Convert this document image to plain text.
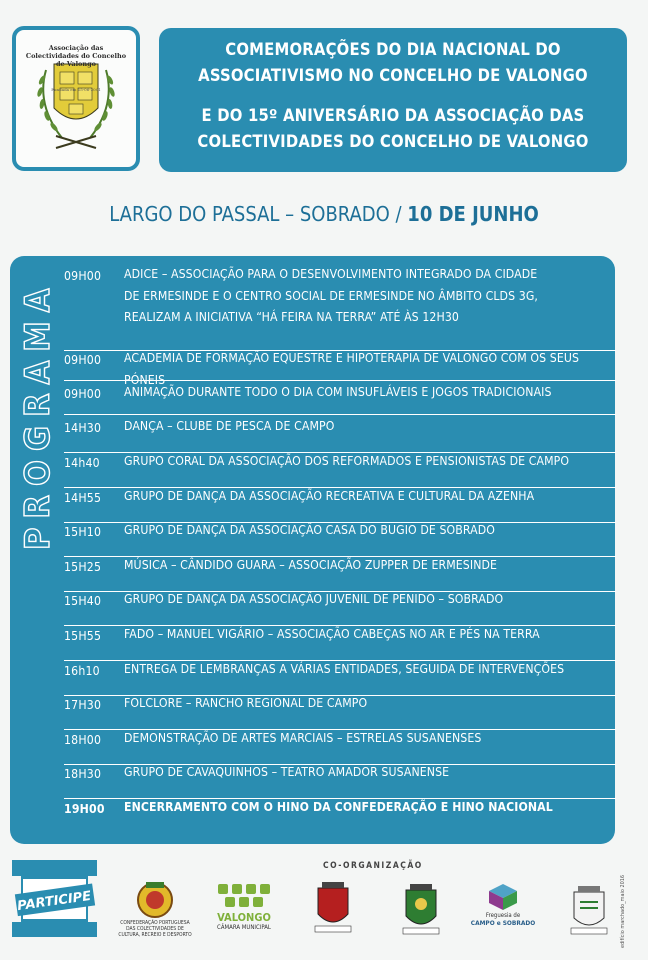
Associação das Colectividades do Concelho de Valongo
Fundada em 15-06-2001
COMEMORAÇÕES DO DIA NACIONAL DO
ASSOCIATIVISMO NO CONCELHO DE VALONGO
E DO 15º ANIVERSÁRIO DA ASSOCIAÇÃO DAS
COLECTIVIDADES DO CONCELHO DE VALONGO
LARGO DO PASSAL – SOBRADO / 10 DE JUNHO
PROGRAMA
09H00	ADICE – ASSOCIAÇÃO PARA O DESENVOLVIMENTO INTEGRADO DA CIDADE
DE ERMESINDE E O CENTRO SOCIAL DE ERMESINDE NO ÂMBITO CLDS 3G,
REALIZAM A INICIATIVA “HÁ FEIRA NA TERRA” ATÉ ÀS 12H30
09H00	ACADEMIA DE FORMAÇÃO EQUESTRE E HIPOTERAPIA DE VALONGO COM OS SEUS PÓNEIS
09H00	ANIMAÇÃO DURANTE TODO O DIA COM INSUFLÁVEIS E JOGOS TRADICIONAIS
14H30	DANÇA – CLUBE DE PESCA DE CAMPO
14h40	GRUPO CORAL DA ASSOCIAÇÃO DOS REFORMADOS E PENSIONISTAS DE CAMPO
14H55	GRUPO DE DANÇA DA ASSOCIAÇÃO RECREATIVA E CULTURAL DA AZENHA
15H10	GRUPO DE DANÇA DA ASSOCIAÇÃO CASA DO BUGIO DE SOBRADO
15H25	MÚSICA – CÂNDIDO GUARA – ASSOCIAÇÃO ZUPPER DE ERMESINDE
15H40	GRUPO DE DANÇA DA ASSOCIAÇÃO JUVENIL DE PENIDO – SOBRADO
15H55	FADO – MANUEL VIGÁRIO – ASSOCIAÇÃO CABEÇAS NO AR E PÉS NA TERRA
16h10	ENTREGA DE LEMBRANÇAS A VÁRIAS ENTIDADES, SEGUIDA DE INTERVENÇÕES
17H30	FOLCLORE – RANCHO REGIONAL DE CAMPO
18H00	DEMONSTRAÇÃO DE ARTES MARCIAIS – ESTRELAS SUSANENSES
18H30	GRUPO DE CAVAQUINHOS – TEATRO AMADOR SUSANENSE
19H00	ENCERRAMENTO COM O HINO DA CONFEDERAÇÃO E HINO NACIONAL
PARTICIPE
CO-ORGANIZAÇÃO
CONFEDERAÇÃO PORTUGUESA DAS COLECTIVIDADES DE CULTURA, RECREIO E DESPORTO
VALONGO
CÂMARA MUNICIPAL
Freguesia de
CAMPO e SOBRADO	edifício marchado_maio 2016
